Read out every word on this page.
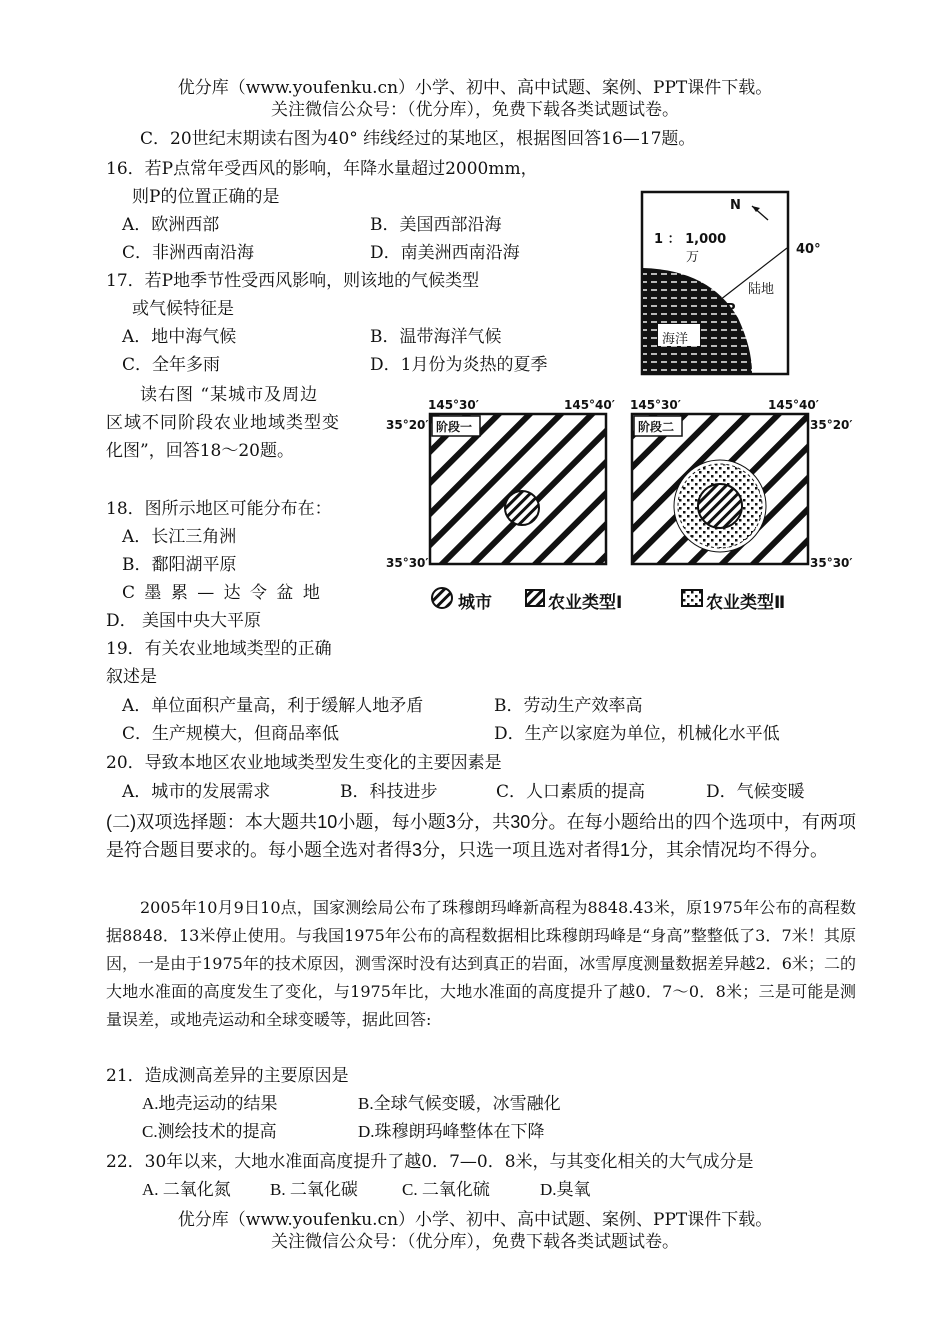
优分库（www.youfenku.cn）小学、初中、高中试题、案例、PPT课件下载。
关注微信公众号：（优分库），免费下载各类试题试卷。
C．20世纪末期读右图为40° 纬线经过的某地区，根据图回答16—17题。
16．若P点常年受西风的影响，年降水量超过2000mm，
则P的位置正确的是
A．欧洲西部	B．美国西部沿海
C．非洲西南沿海	D．南美洲西南沿海
17．若P地季节性受西风影响，则该地的气候类型
或气候特征是
A．地中海气候	B．温带海洋气候
C．全年多雨	D．1月份为炎热的夏季
N
1 ： 1,000
万
40°
陆地
P
海洋
读右图 “某城市及周边
区域不同阶段农业地域类型变
化图”，回答18～20题。
145°30′	145°40′
35°20′
35°30′
阶段一
145°30′	145°40′
35°20′
35°30′
阶段二
城市	农业类型Ⅰ	农业类型Ⅱ
18．图所示地区可能分布在：
A．长江三角洲
B．鄱阳湖平原
C 墨 累 — 达 令 盆 地
D． 美国中央大平原
19．有关农业地域类型的正确
叙述是
A．单位面积产量高，利于缓解人地矛盾	B．劳动生产效率高
C．生产规模大，但商品率低	D．生产以家庭为单位，机械化水平低
20．导致本地区农业地域类型发生变化的主要因素是
A．城市的发展需求	B．科技进步	C．人口素质的提高	D．气候变暖
(二)双项选择题：本大题共10小题，每小题3分，共30分。在每小题给出的四个选项中，有两项是符合题目要求的。每小题全选对者得3分，只选一项且选对者得1分，其余情况均不得分。
2005年10月9日10点，国家测绘局公布了珠穆朗玛峰新高程为8848.43米，原1975年公布的高程数据8848．13米停止使用。与我国1975年公布的高程数据相比珠穆朗玛峰是“身高”整整低了3．7米！其原因，一是由于1975年的技术原因，测雪深时没有达到真正的岩面，冰雪厚度测量数据差异越2．6米；二的大地水准面的高度发生了变化，与1975年比，大地水准面的高度提升了越0．7～0．8米；三是可能是测量误差，或地壳运动和全球变暖等，据此回答:
21．造成测高差异的主要原因是
A.地壳运动的结果	B.全球气候变暖，冰雪融化
C.测绘技术的提高	D.珠穆朗玛峰整体在下降
22．30年以来，大地水准面高度提升了越0．7—0．8米，与其变化相关的大气成分是
A. 二氧化氮 B. 二氧化碳	C. 二氧化硫	D.臭氧
优分库（www.youfenku.cn）小学、初中、高中试题、案例、PPT课件下载。
关注微信公众号：（优分库），免费下载各类试题试卷。
